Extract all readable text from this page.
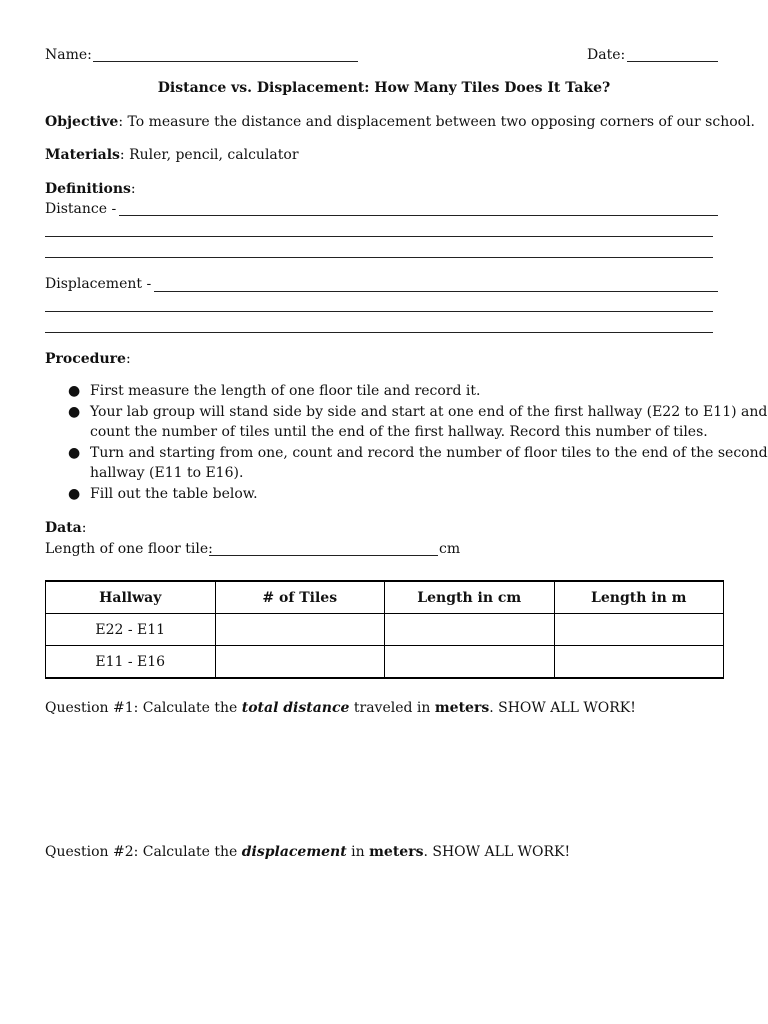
Name:	Date:
Distance vs. Displacement: How Many Tiles Does It Take?
Objective: To measure the distance and displacement between two opposing corners of our school.
Materials: Ruler, pencil, calculator
Definitions:
Distance -
Displacement -
Procedure:
● First measure the length of one floor tile and record it.
● Your lab group will stand side by side and start at one end of the first hallway (E22 to E11) and count the number of tiles until the end of the first hallway. Record this number of tiles.
● Turn and starting from one, count and record the number of floor tiles to the end of the second hallway (E11 to E16).
● Fill out the table below.
Data:
Length of one floor tile:	cm
Hallway	# of Tiles	Length in cm	Length in m
E22 - E11			
E11 - E16			
Question #1: Calculate the total distance traveled in meters. SHOW ALL WORK!
Question #2: Calculate the displacement in meters. SHOW ALL WORK!
